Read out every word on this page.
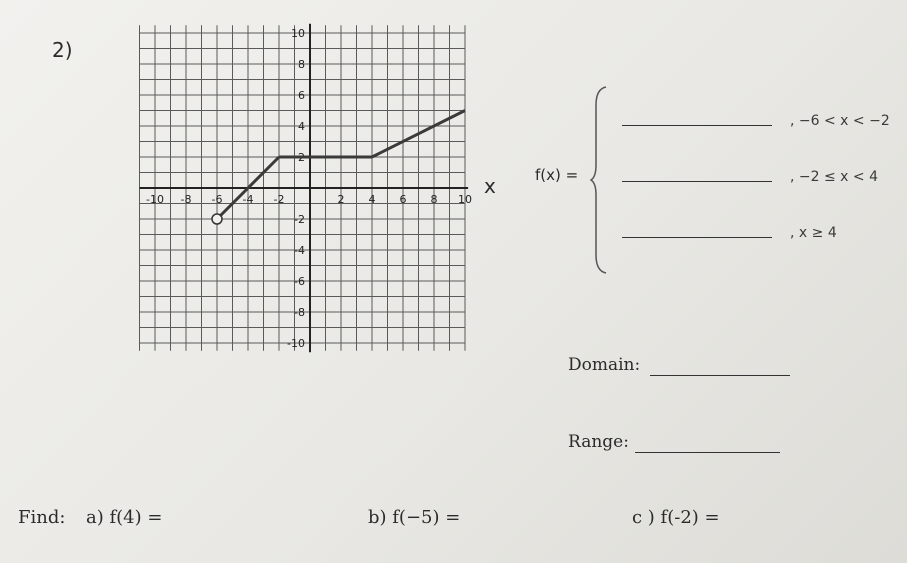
2)
-10 -8 -6 -4 -2	2 4 6 8 10
10
8
6
4
2
-2
-4
-6
-8
-10
x	f(x) =
, −6 < x < −2
, −2 ≤ x < 4
, x ≥ 4
Domain:
Range:
Find: a) f(4) =	b) f(−5) =	c ) f(-2) =
